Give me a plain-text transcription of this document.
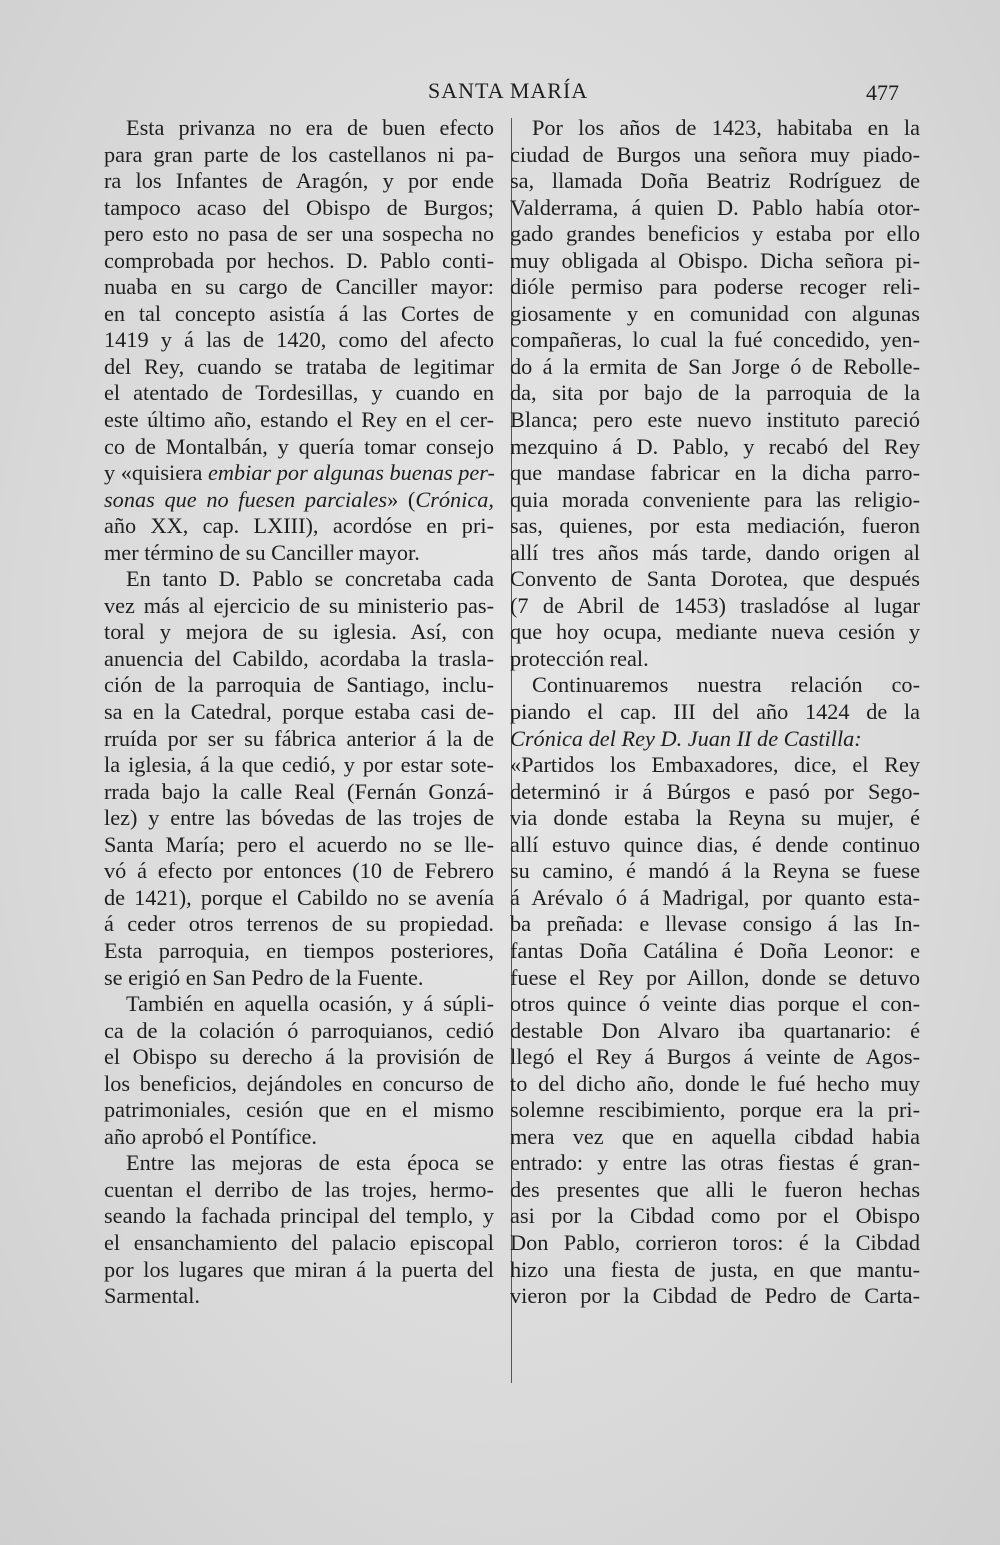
SANTA MARÍA	477
Esta privanza no era de buen efecto
para gran parte de los castellanos ni pa-
ra los Infantes de Aragón, y por ende
tampoco acaso del Obispo de Burgos;
pero esto no pasa de ser una sospecha no
comprobada por hechos. D. Pablo conti-
nuaba en su cargo de Canciller mayor:
en tal concepto asistía á las Cortes de
1419 y á las de 1420, como del afecto
del Rey, cuando se trataba de legitimar
el atentado de Tordesillas, y cuando en
este último año, estando el Rey en el cer-
co de Montalbán, y quería tomar consejo
y «quisiera embiar por algunas buenas per-
sonas que no fuesen parciales» (Crónica,
año XX, cap. LXIII), acordóse en pri-
mer término de su Canciller mayor.
En tanto D. Pablo se concretaba cada
vez más al ejercicio de su ministerio pas-
toral y mejora de su iglesia. Así, con
anuencia del Cabildo, acordaba la trasla-
ción de la parroquia de Santiago, inclu-
sa en la Catedral, porque estaba casi de-
rruída por ser su fábrica anterior á la de
la iglesia, á la que cedió, y por estar sote-
rrada bajo la calle Real (Fernán Gonzá-
lez) y entre las bóvedas de las trojes de
Santa María; pero el acuerdo no se lle-
vó á efecto por entonces (10 de Febrero
de 1421), porque el Cabildo no se avenía
á ceder otros terrenos de su propiedad.
Esta parroquia, en tiempos posteriores,
se erigió en San Pedro de la Fuente.
También en aquella ocasión, y á súpli-
ca de la colación ó parroquianos, cedió
el Obispo su derecho á la provisión de
los beneficios, dejándoles en concurso de
patrimoniales, cesión que en el mismo
año aprobó el Pontífice.
Entre las mejoras de esta época se
cuentan el derribo de las trojes, hermo-
seando la fachada principal del templo, y
el ensanchamiento del palacio episcopal
por los lugares que miran á la puerta del
Sarmental.
Por los años de 1423, habitaba en la
ciudad de Burgos una señora muy piado-
sa, llamada Doña Beatriz Rodríguez de
Valderrama, á quien D. Pablo había otor-
gado grandes beneficios y estaba por ello
muy obligada al Obispo. Dicha señora pi-
dióle permiso para poderse recoger reli-
giosamente y en comunidad con algunas
compañeras, lo cual la fué concedido, yen-
do á la ermita de San Jorge ó de Rebolle-
da, sita por bajo de la parroquia de la
Blanca; pero este nuevo instituto pareció
mezquino á D. Pablo, y recabó del Rey
que mandase fabricar en la dicha parro-
quia morada conveniente para las religio-
sas, quienes, por esta mediación, fueron
allí tres años más tarde, dando origen al
Convento de Santa Dorotea, que después
(7 de Abril de 1453) trasladóse al lugar
que hoy ocupa, mediante nueva cesión y
protección real.
Continuaremos nuestra relación co-
piando el cap. III del año 1424 de la
Crónica del Rey D. Juan II de Castilla:
«Partidos los Embaxadores, dice, el Rey
determinó ir á Búrgos e pasó por Sego-
via donde estaba la Reyna su mujer, é
allí estuvo quince dias, é dende continuo
su camino, é mandó á la Reyna se fuese
á Arévalo ó á Madrigal, por quanto esta-
ba preñada: e llevase consigo á las In-
fantas Doña Catálina é Doña Leonor: e
fuese el Rey por Aillon, donde se detuvo
otros quince ó veinte dias porque el con-
destable Don Alvaro iba quartanario: é
llegó el Rey á Burgos á veinte de Agos-
to del dicho año, donde le fué hecho muy
solemne rescibimiento, porque era la pri-
mera vez que en aquella cibdad habia
entrado: y entre las otras fiestas é gran-
des presentes que alli le fueron hechas
asi por la Cibdad como por el Obispo
Don Pablo, corrieron toros: é la Cibdad
hizo una fiesta de justa, en que mantu-
vieron por la Cibdad de Pedro de Carta-
